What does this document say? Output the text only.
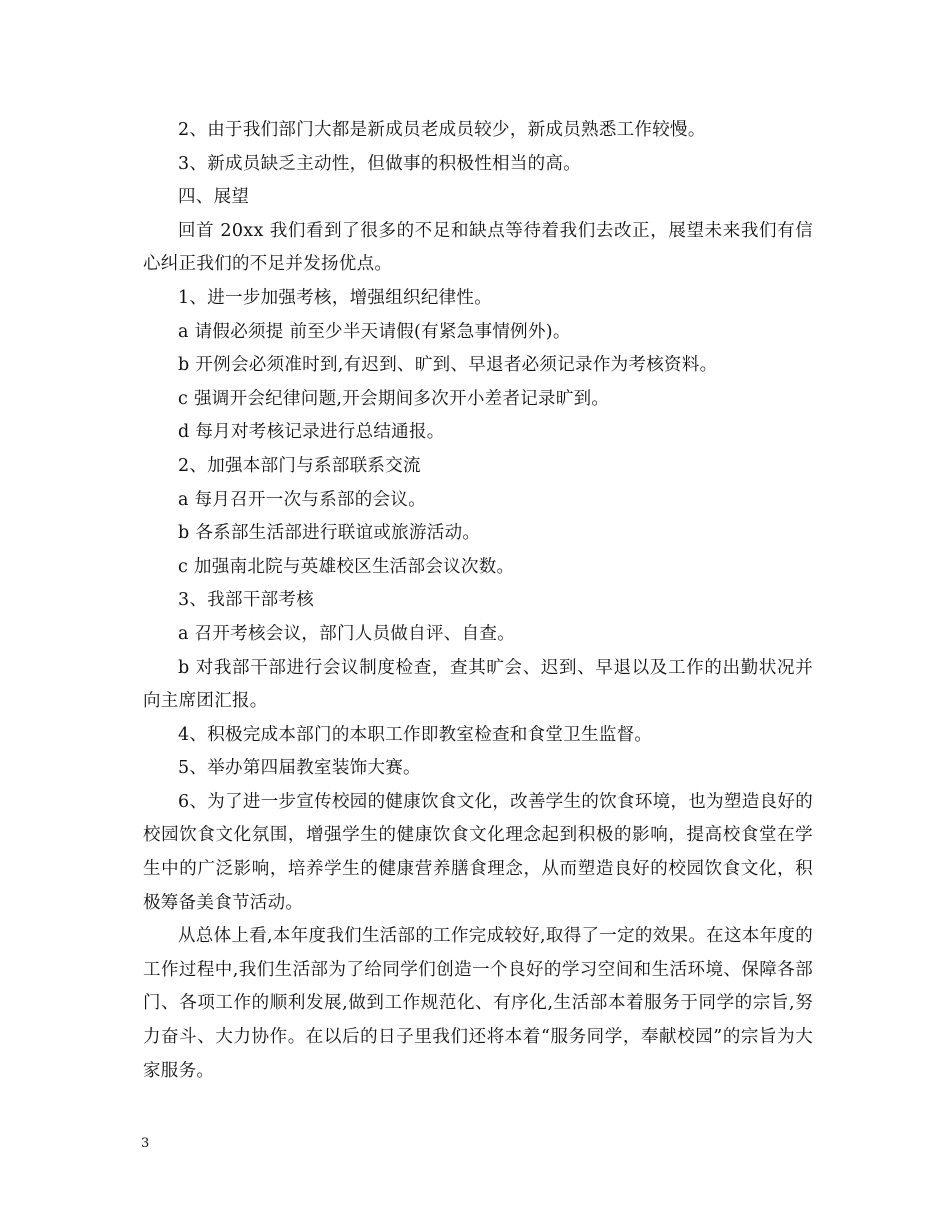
2、由于我们部门大都是新成员老成员较少，新成员熟悉工作较慢。

3、新成员缺乏主动性，但做事的积极性相当的高。

四、展望

回首 20xx 我们看到了很多的不足和缺点等待着我们去改正，展望未来我们有信心纠正我们的不足并发扬优点。

1、进一步加强考核，增强组织纪律性。

a 请假必须提 前至少半天请假(有紧急事情例外)。

b 开例会必须准时到,有迟到、旷到、早退者必须记录作为考核资料。

c 强调开会纪律问题,开会期间多次开小差者记录旷到。

d 每月对考核记录进行总结通报。

2、加强本部门与系部联系交流

a 每月召开一次与系部的会议。

b 各系部生活部进行联谊或旅游活动。

c 加强南北院与英雄校区生活部会议次数。

3、我部干部考核

a 召开考核会议，部门人员做自评、自查。

b 对我部干部进行会议制度检查，查其旷会、迟到、早退以及工作的出勤状况并向主席团汇报。

4、积极完成本部门的本职工作即教室检查和食堂卫生监督。

5、举办第四届教室装饰大赛。

6、为了进一步宣传校园的健康饮食文化，改善学生的饮食环境，也为塑造良好的校园饮食文化氛围，增强学生的健康饮食文化理念起到积极的影响，提高校食堂在学生中的广泛影响，培养学生的健康营养膳食理念，从而塑造良好的校园饮食文化，积极筹备美食节活动。

从总体上看,本年度我们生活部的工作完成较好,取得了一定的效果。在这本年度的工作过程中,我们生活部为了给同学们创造一个良好的学习空间和生活环境、保障各部门、各项工作的顺利发展,做到工作规范化、有序化,生活部本着服务于同学的宗旨,努力奋斗、大力协作。在以后的日子里我们还将本着“服务同学，奉献校园”的宗旨为大家服务。

3
